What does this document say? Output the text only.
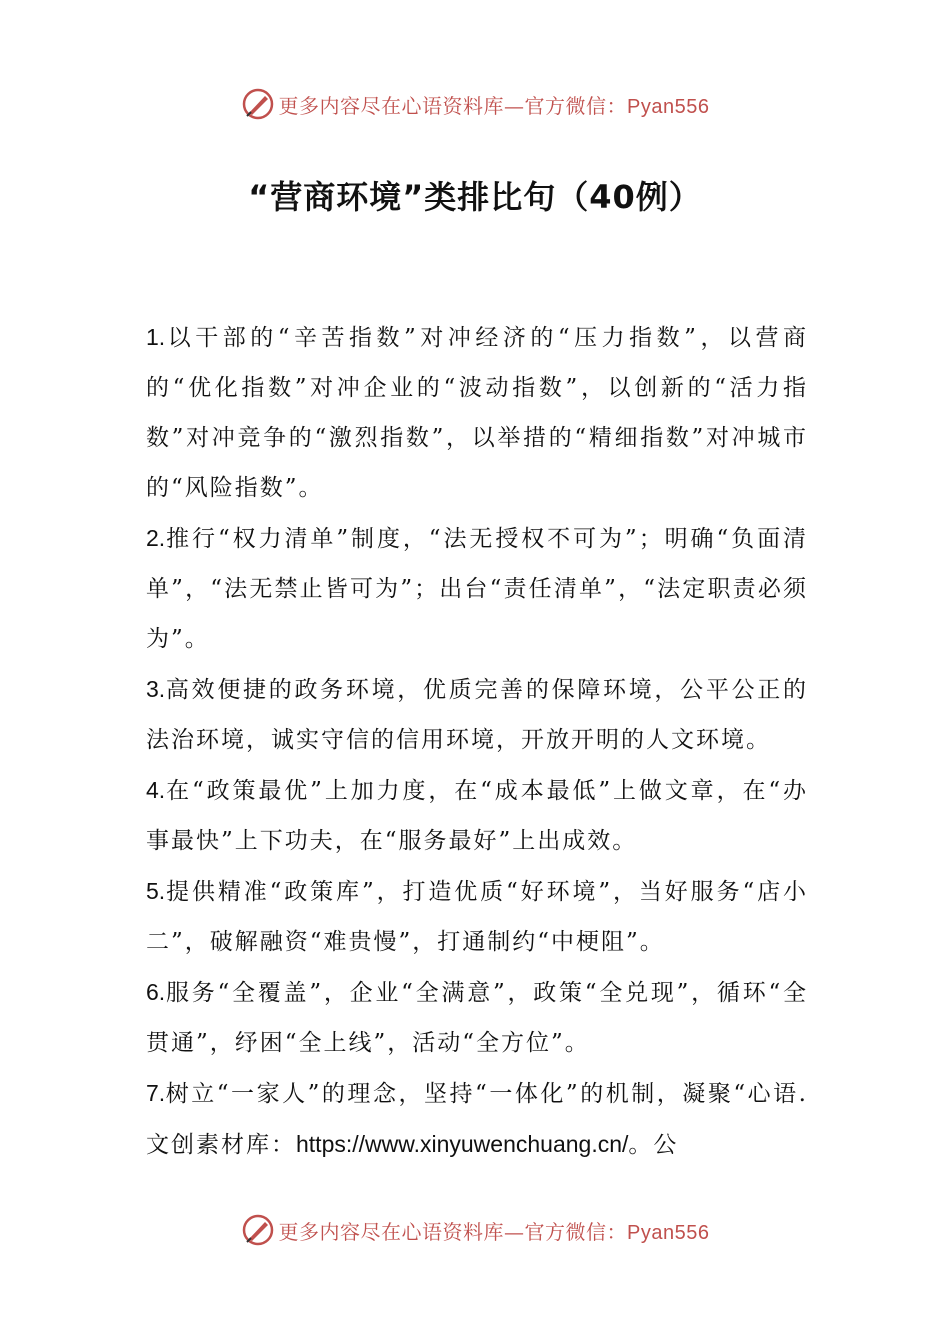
更多内容尽在心语资料库—官方微信：Pyan556
“营商环境”类排比句（40例）

1.以干部的“辛苦指数”对冲经济的“压力指数”，以营商的“优化指数”对冲企业的“波动指数”，以创新的“活力指数”对冲竞争的“激烈指数”，以举措的“精细指数”对冲城市的“风险指数”。

2.推行“权力清单”制度，“法无授权不可为”；明确“负面清单”，“法无禁止皆可为”；出台“责任清单”，“法定职责必须为”。

3.高效便捷的政务环境，优质完善的保障环境，公平公正的法治环境，诚实守信的信用环境，开放开明的人文环境。

4.在“政策最优”上加力度，在“成本最低”上做文章，在“办事最快”上下功夫，在“服务最好”上出成效。

5.提供精准“政策库”，打造优质“好环境”，当好服务“店小二”，破解融资“难贵慢”，打通制约“中梗阻”。

6.服务“全覆盖”，企业“全满意”，政策“全兑现”，循环“全贯通”，纾困“全上线”，活动“全方位”。

7.树立“一家人”的理念，坚持“一体化”的机制，凝聚“心语.文创素材库：https://www.xinyuwenchuang.cn/。公

更多内容尽在心语资料库—官方微信：Pyan556
